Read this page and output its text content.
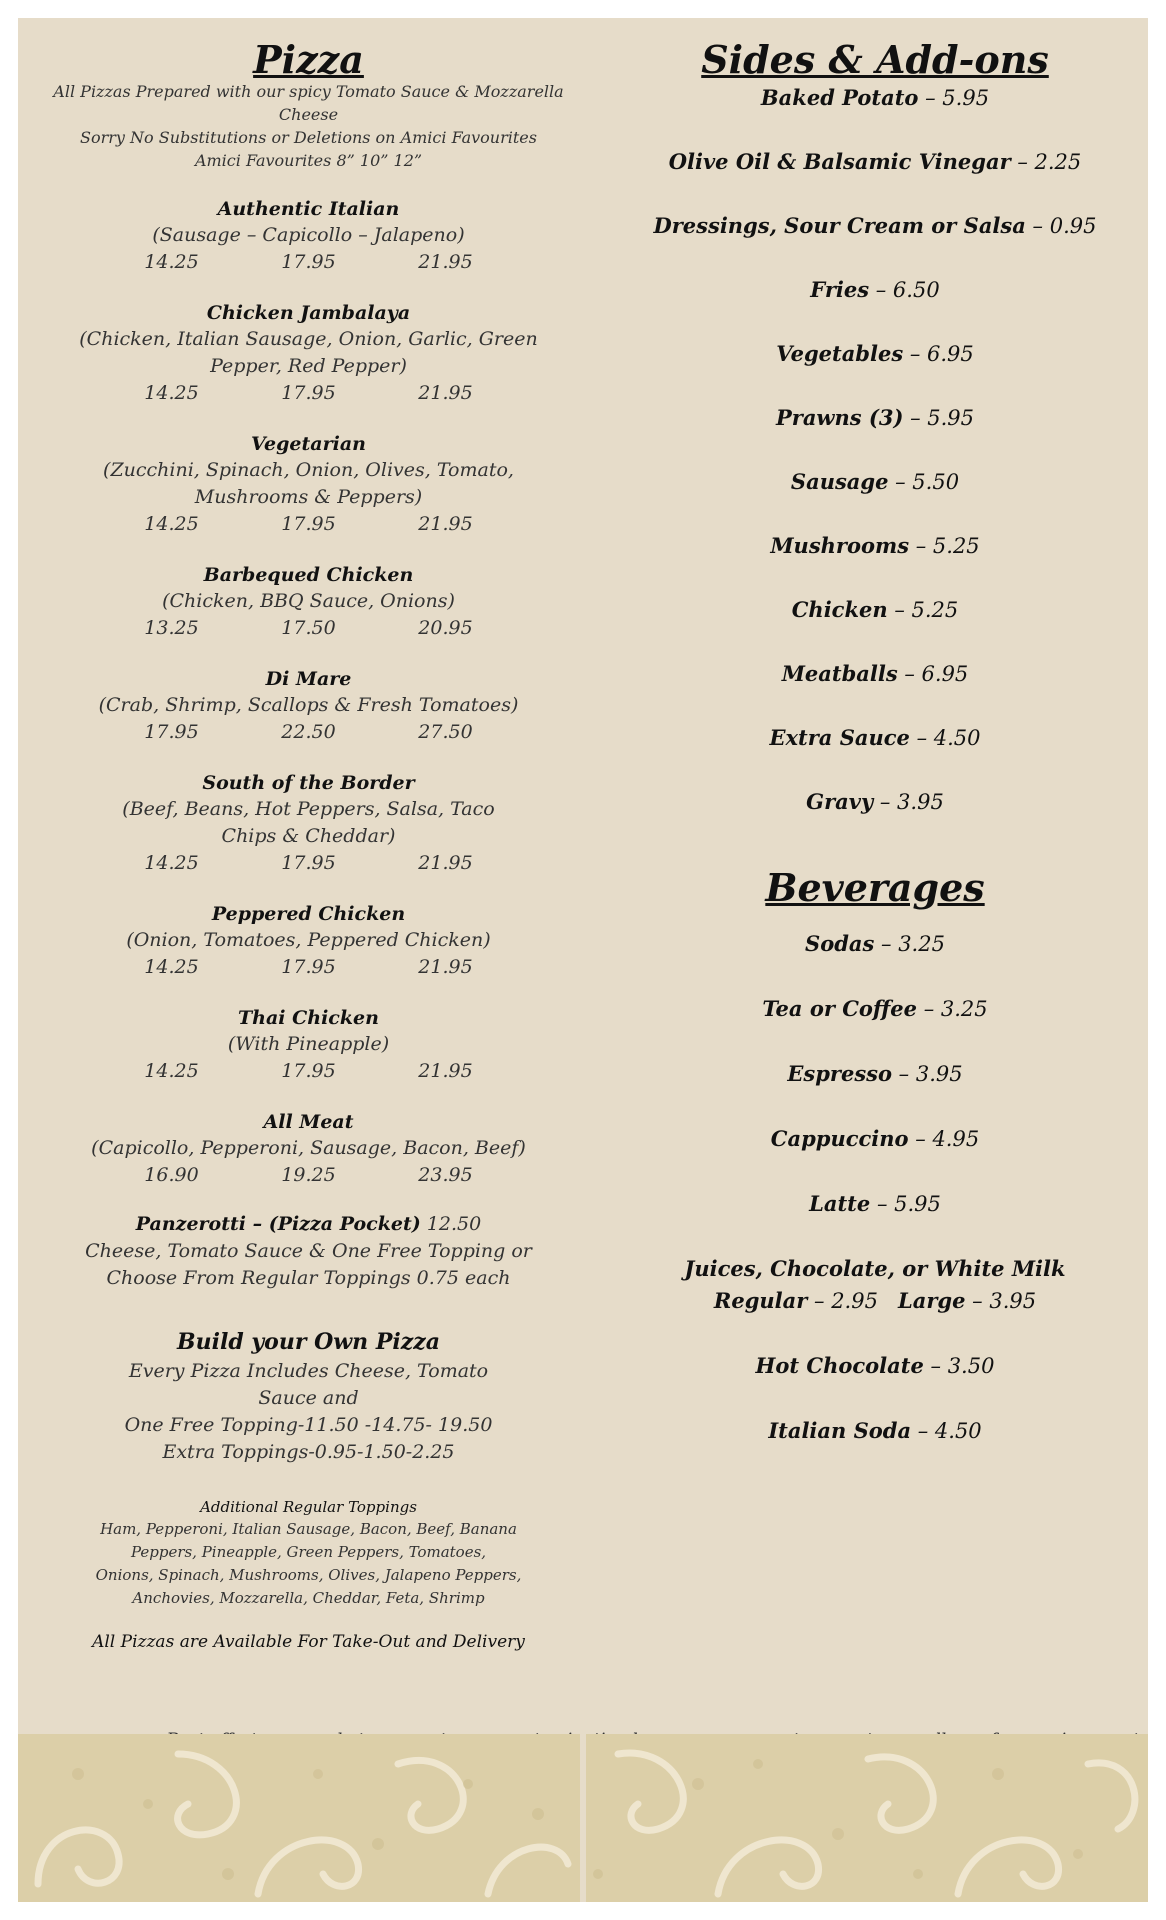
Pizza
All Pizzas Prepared with our spicy Tomato Sauce & Mozzarella
Cheese
Sorry No Substitutions or Deletions on Amici Favourites
Amici Favourites 8” 10” 12”
Authentic Italian
(Sausage – Capicollo – Jalapeno)
14.25	17.95	21.95
Chicken Jambalaya
(Chicken, Italian Sausage, Onion, Garlic, Green
Pepper, Red Pepper)
14.25	17.95	21.95
Vegetarian
(Zucchini, Spinach, Onion, Olives, Tomato,
Mushrooms & Peppers)
14.25	17.95	21.95
Barbequed Chicken
(Chicken, BBQ Sauce, Onions)
13.25	17.50	20.95
Di Mare
(Crab, Shrimp, Scallops & Fresh Tomatoes)
17.95	22.50	27.50
South of the Border
(Beef, Beans, Hot Peppers, Salsa, Taco
Chips & Cheddar)
14.25	17.95	21.95
Peppered Chicken
(Onion, Tomatoes, Peppered Chicken)
14.25	17.95	21.95
Thai Chicken
(With Pineapple)
14.25	17.95	21.95
All Meat
(Capicollo, Pepperoni, Sausage, Bacon, Beef)
16.90	19.25	23.95
Panzerotti – (Pizza Pocket) 12.50
Cheese, Tomato Sauce & One Free Topping or
Choose From Regular Toppings 0.75 each
Build your Own Pizza
Every Pizza Includes Cheese, Tomato
Sauce and
One Free Topping-11.50 -14.75- 19.50
Extra Toppings-0.95-1.50-2.25
Additional Regular Toppings
Ham, Pepperoni, Italian Sausage, Bacon, Beef, Banana
Peppers, Pineapple, Green Peppers, Tomatoes,
Onions, Spinach, Mushrooms, Olives, Jalapeno Peppers,
Anchovies, Mozzarella, Cheddar, Feta, Shrimp
All Pizzas are Available For Take-Out and Delivery
Sides & Add-ons
Baked Potato – 5.95
Olive Oil & Balsamic Vinegar – 2.25
Dressings, Sour Cream or Salsa – 0.95
Fries – 6.50
Vegetables – 6.95
Prawns (3) – 5.95
Sausage – 5.50
Mushrooms – 5.25
Chicken – 5.25
Meatballs – 6.95
Extra Sauce – 4.50
Gravy – 3.95
Beverages
Sodas – 3.25
Tea or Coffee – 3.25
Espresso – 3.95
Cappuccino – 4.95
Latte – 5.95
Juices, Chocolate, or White Milk
Regular – 2.95 Large – 3.95
Hot Chocolate – 3.50
Italian Soda – 4.50
